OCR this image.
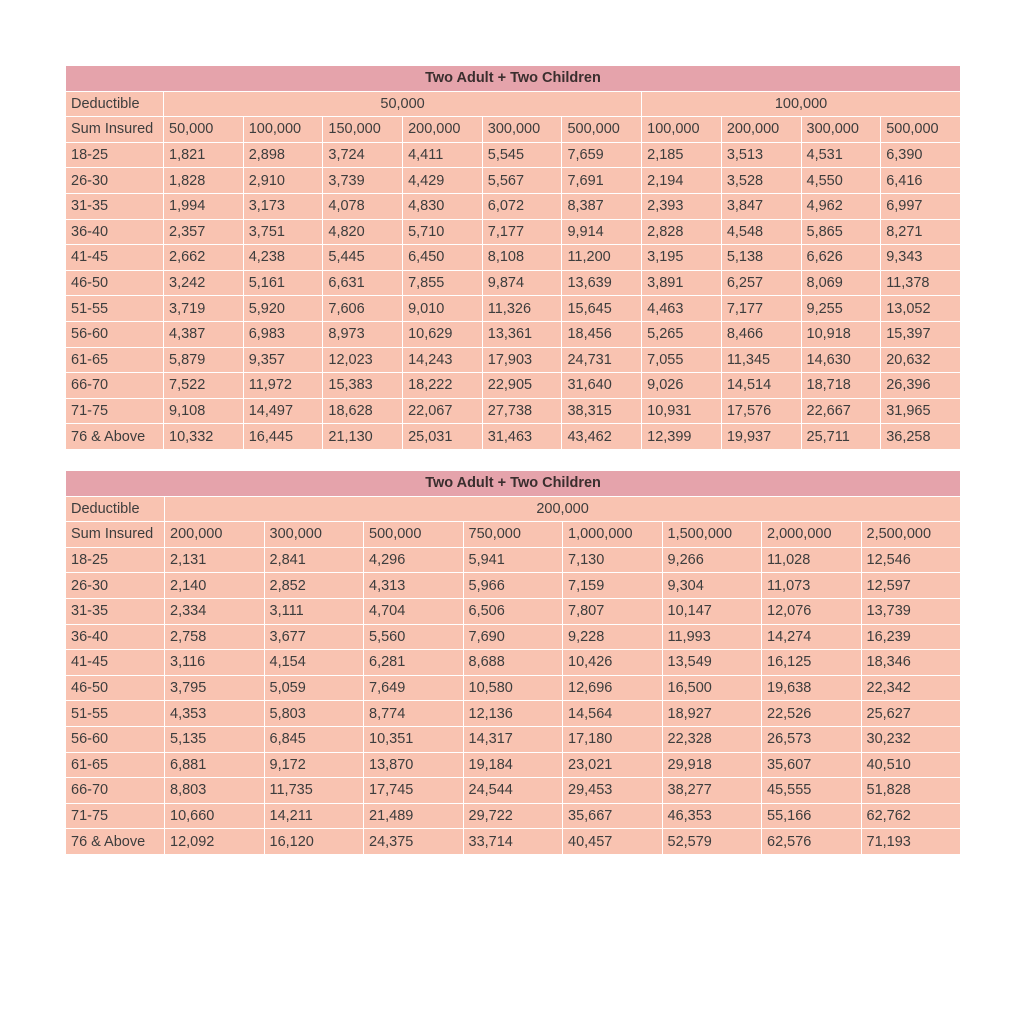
Two Adult + Two Children										
Deductible	50,000						100,000			
Sum Insured	50,000	100,000	150,000	200,000	300,000	500,000	100,000	200,000	300,000	500,000
18-25	1,821	2,898	3,724	4,411	5,545	7,659	2,185	3,513	4,531	6,390
26-30	1,828	2,910	3,739	4,429	5,567	7,691	2,194	3,528	4,550	6,416
31-35	1,994	3,173	4,078	4,830	6,072	8,387	2,393	3,847	4,962	6,997
36-40	2,357	3,751	4,820	5,710	7,177	9,914	2,828	4,548	5,865	8,271
41-45	2,662	4,238	5,445	6,450	8,108	11,200	3,195	5,138	6,626	9,343
46-50	3,242	5,161	6,631	7,855	9,874	13,639	3,891	6,257	8,069	11,378
51-55	3,719	5,920	7,606	9,010	11,326	15,645	4,463	7,177	9,255	13,052
56-60	4,387	6,983	8,973	10,629	13,361	18,456	5,265	8,466	10,918	15,397
61-65	5,879	9,357	12,023	14,243	17,903	24,731	7,055	11,345	14,630	20,632
66-70	7,522	11,972	15,383	18,222	22,905	31,640	9,026	14,514	18,718	26,396
71-75	9,108	14,497	18,628	22,067	27,738	38,315	10,931	17,576	22,667	31,965
76 & Above	10,332	16,445	21,130	25,031	31,463	43,462	12,399	19,937	25,711	36,258
Two Adult + Two Children								
Deductible	200,000							
Sum Insured	200,000	300,000	500,000	750,000	1,000,000	1,500,000	2,000,000	2,500,000
18-25	2,131	2,841	4,296	5,941	7,130	9,266	11,028	12,546
26-30	2,140	2,852	4,313	5,966	7,159	9,304	11,073	12,597
31-35	2,334	3,111	4,704	6,506	7,807	10,147	12,076	13,739
36-40	2,758	3,677	5,560	7,690	9,228	11,993	14,274	16,239
41-45	3,116	4,154	6,281	8,688	10,426	13,549	16,125	18,346
46-50	3,795	5,059	7,649	10,580	12,696	16,500	19,638	22,342
51-55	4,353	5,803	8,774	12,136	14,564	18,927	22,526	25,627
56-60	5,135	6,845	10,351	14,317	17,180	22,328	26,573	30,232
61-65	6,881	9,172	13,870	19,184	23,021	29,918	35,607	40,510
66-70	8,803	11,735	17,745	24,544	29,453	38,277	45,555	51,828
71-75	10,660	14,211	21,489	29,722	35,667	46,353	55,166	62,762
76 & Above	12,092	16,120	24,375	33,714	40,457	52,579	62,576	71,193
